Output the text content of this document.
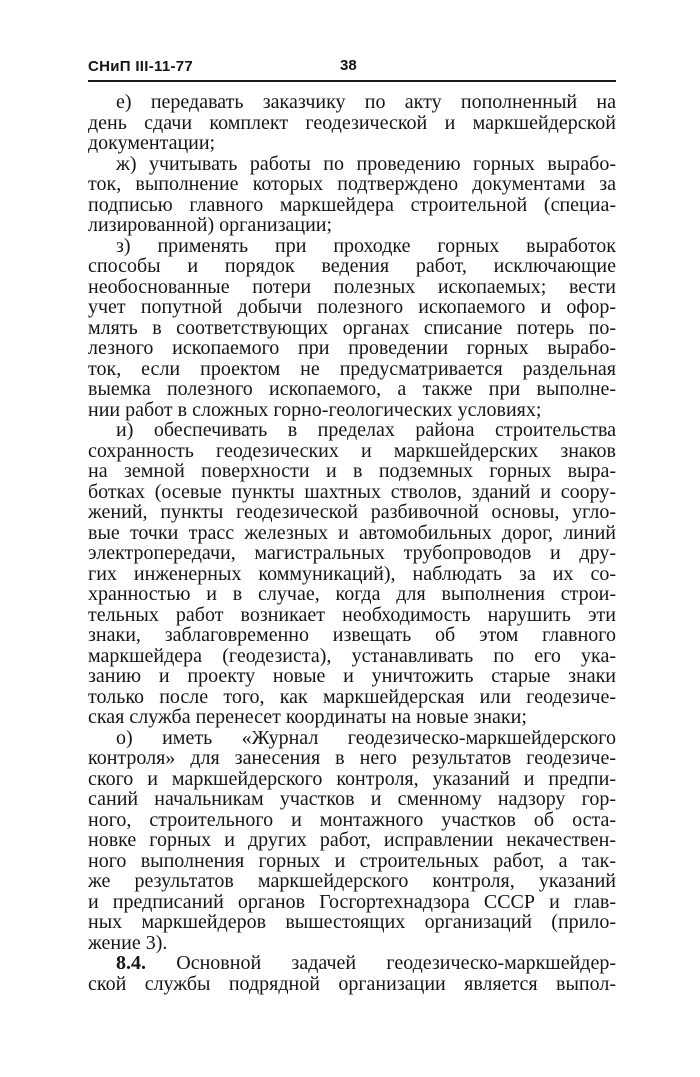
СНиП III-11-77	38

е) передавать заказчику по акту пополненный на
день сдачи комплект геодезической и маркшейдерской
документации;

ж) учитывать работы по проведению горных вырабо-
ток, выполнение которых подтверждено документами за
подписью главного маркшейдера строительной (специа-
лизированной) организации;

з) применять при проходке горных выработок
способы и порядок ведения работ, исключающие
необоснованные потери полезных ископаемых; вести
учет попутной добычи полезного ископаемого и офор-
млять в соответствующих органах списание потерь по-
лезного ископаемого при проведении горных вырабо-
ток, если проектом не предусматривается раздельная
выемка полезного ископаемого, а также при выполне-
нии работ в сложных горно-геологических условиях;

и) обеспечивать в пределах района строительства
сохранность геодезических и маркшейдерских знаков
на земной поверхности и в подземных горных выра-
ботках (осевые пункты шахтных стволов, зданий и соору-
жений, пункты геодезической разбивочной основы, угло-
вые точки трасс железных и автомобильных дорог, линий
электропередачи, магистральных трубопроводов и дру-
гих инженерных коммуникаций), наблюдать за их со-
хранностью и в случае, когда для выполнения строи-
тельных работ возникает необходимость нарушить эти
знаки, заблаговременно извещать об этом главного
маркшейдера (геодезиста), устанавливать по его ука-
занию и проекту новые и уничтожить старые знаки
только после того, как маркшейдерская или геодезиче-
ская служба перенесет координаты на новые знаки;

о) иметь «Журнал геодезическо-маркшейдерского
контроля» для занесения в него результатов геодезиче-
ского и маркшейдерского контроля, указаний и предпи-
саний начальникам участков и сменному надзору гор-
ного, строительного и монтажного участков об оста-
новке горных и других работ, исправлении некачествен-
ного выполнения горных и строительных работ, а так-
же результатов маркшейдерского контроля, указаний
и предписаний органов Госгортехнадзора СССР и глав-
ных маркшейдеров вышестоящих организаций (прило-
жение 3).

8.4. Основной задачей геодезическо-маркшейдер-
ской службы подрядной организации является выпол-
